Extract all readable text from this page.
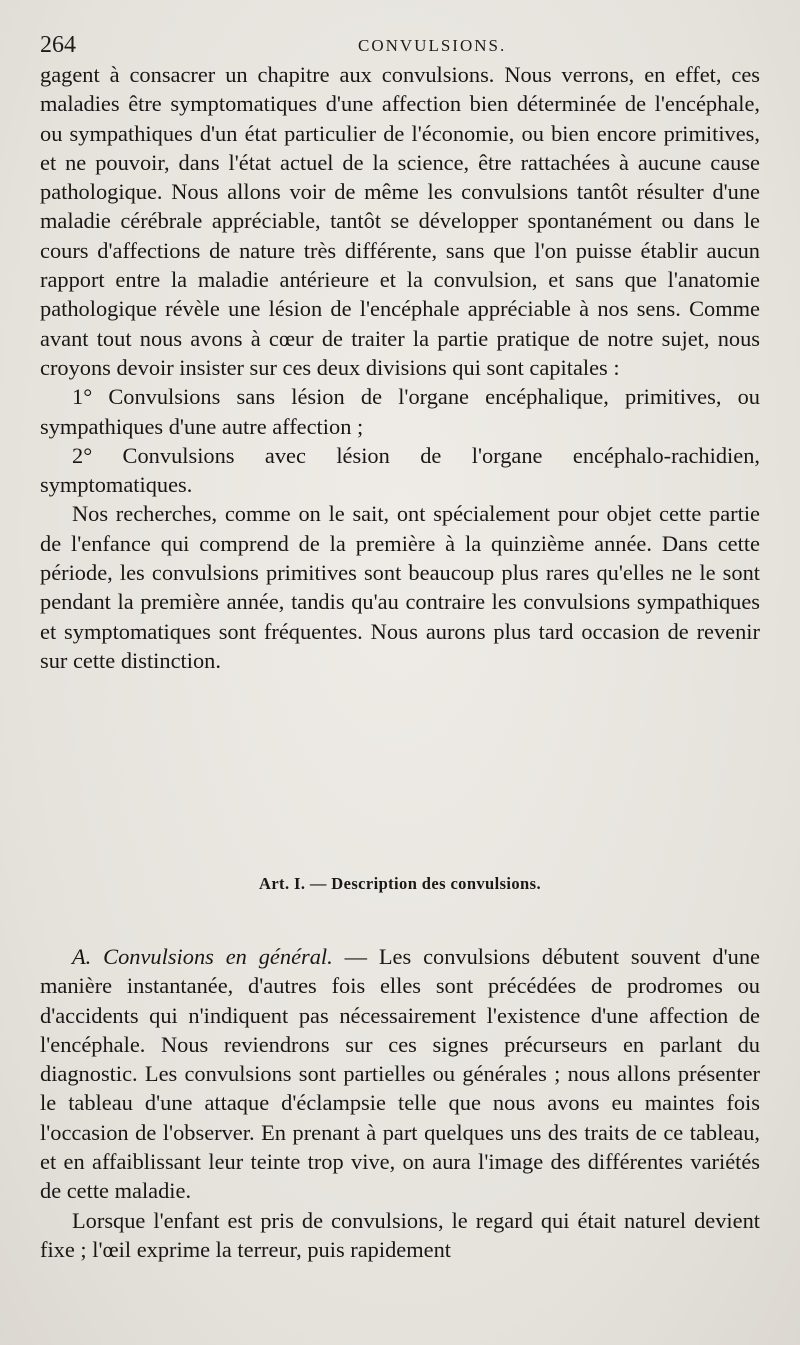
264	CONVULSIONS.

gagent à consacrer un chapitre aux convulsions. Nous verrons, en effet, ces maladies être symptomatiques d'une affection bien déterminée de l'encéphale, ou sympathiques d'un état particulier de l'économie, ou bien encore primitives, et ne pouvoir, dans l'état actuel de la science, être rattachées à aucune cause pathologique. Nous allons voir de même les convulsions tantôt résulter d'une maladie cérébrale appréciable, tantôt se développer spontanément ou dans le cours d'affections de nature très différente, sans que l'on puisse établir aucun rapport entre la maladie antérieure et la convulsion, et sans que l'anatomie pathologique révèle une lésion de l'encéphale appréciable à nos sens. Comme avant tout nous avons à cœur de traiter la partie pratique de notre sujet, nous croyons devoir insister sur ces deux divisions qui sont capitales :

1° Convulsions sans lésion de l'organe encéphalique, primitives, ou sympathiques d'une autre affection ;

2° Convulsions avec lésion de l'organe encéphalo-rachidien, symptomatiques.

Nos recherches, comme on le sait, ont spécialement pour objet cette partie de l'enfance qui comprend de la première à la quinzième année. Dans cette période, les convulsions primitives sont beaucoup plus rares qu'elles ne le sont pendant la première année, tandis qu'au contraire les convulsions sympathiques et symptomatiques sont fréquentes. Nous aurons plus tard occasion de revenir sur cette distinction.

Art. I. — Description des convulsions.

A. Convulsions en général. — Les convulsions débutent souvent d'une manière instantanée, d'autres fois elles sont précédées de prodromes ou d'accidents qui n'indiquent pas nécessairement l'existence d'une affection de l'encéphale. Nous reviendrons sur ces signes précurseurs en parlant du diagnostic. Les convulsions sont partielles ou générales ; nous allons présenter le tableau d'une attaque d'éclampsie telle que nous avons eu maintes fois l'occasion de l'observer. En prenant à part quelques uns des traits de ce tableau, et en affaiblissant leur teinte trop vive, on aura l'image des différentes variétés de cette maladie.

Lorsque l'enfant est pris de convulsions, le regard qui était naturel devient fixe ; l'œil exprime la terreur, puis rapidement
